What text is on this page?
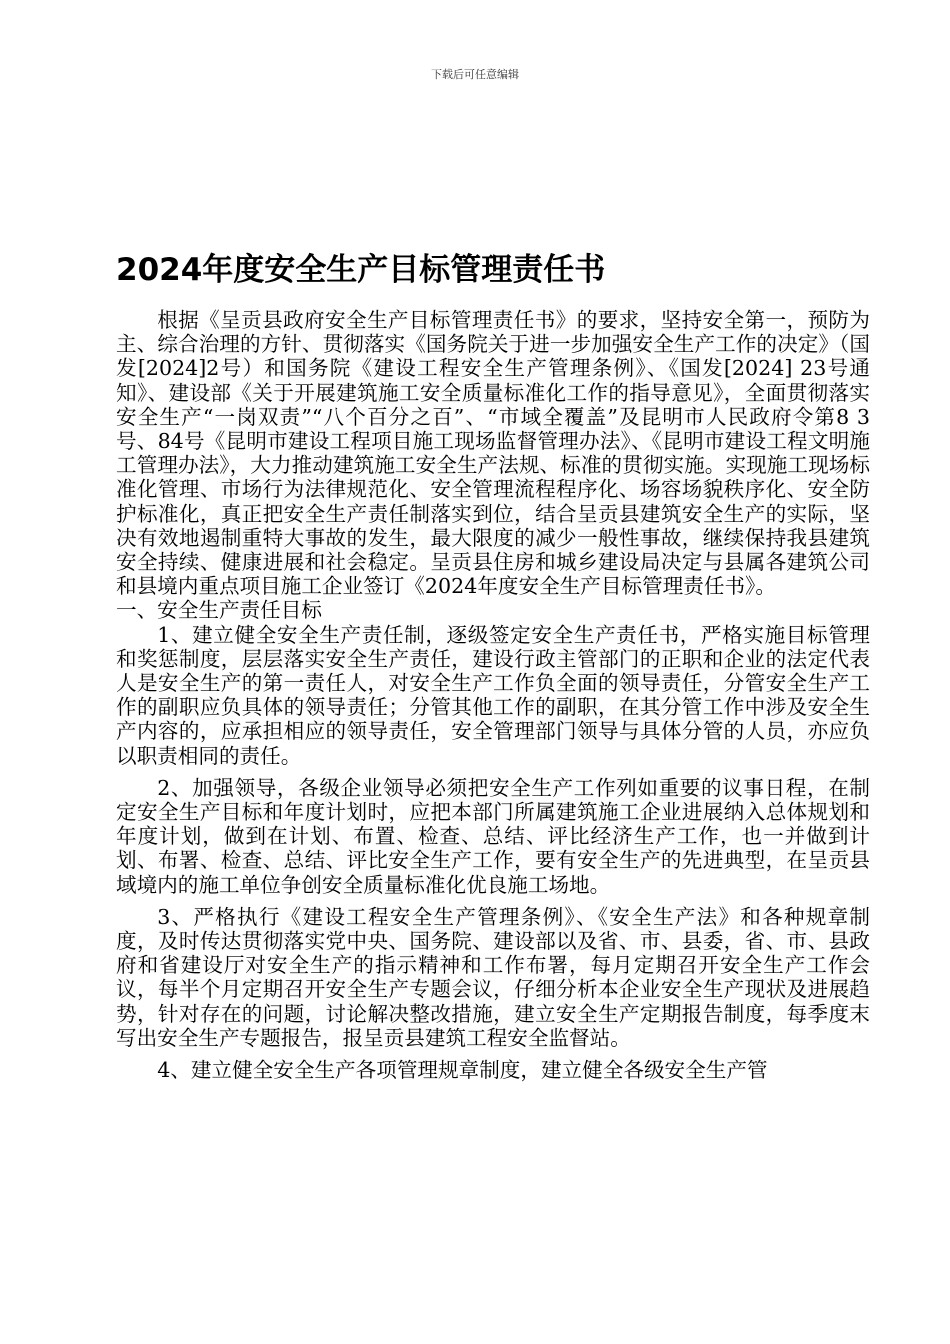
下载后可任意编辑
2024年度安全生产目标管理责任书

根据《呈贡县政府安全生产目标管理责任书》的要求，坚持安全第一，预防为主、综合治理的方针、贯彻落实《国务院关于进一步加强安全生产工作的决定》（国发[2024]2号）和国务院《建设工程安全生产管理条例》、《国发[2024] 23号通知》、建设部《关于开展建筑施工安全质量标准化工作的指导意见》，全面贯彻落实安全生产“一岗双责”“八个百分之百”、“市域全覆盖”及昆明市人民政府令第8 3号、84号《昆明市建设工程项目施工现场监督管理办法》、《昆明市建设工程文明施工管理办法》，大力推动建筑施工安全生产法规、标准的贯彻实施。实现施工现场标准化管理、市场行为法律规范化、安全管理流程程序化、场容场貌秩序化、安全防护标准化，真正把安全生产责任制落实到位，结合呈贡县建筑安全生产的实际，坚决有效地遏制重特大事故的发生，最大限度的减少一般性事故，继续保持我县建筑安全持续、健康进展和社会稳定。呈贡县住房和城乡建设局决定与县属各建筑公司和县境内重点项目施工企业签订《2024年度安全生产目标管理责任书》。

一、安全生产责任目标

1、建立健全安全生产责任制，逐级签定安全生产责任书，严格实施目标管理和奖惩制度，层层落实安全生产责任，建设行政主管部门的正职和企业的法定代表人是安全生产的第一责任人，对安全生产工作负全面的领导责任，分管安全生产工作的副职应负具体的领导责任；分管其他工作的副职，在其分管工作中涉及安全生产内容的，应承担相应的领导责任，安全管理部门领导与具体分管的人员，亦应负以职责相同的责任。

2、加强领导，各级企业领导必须把安全生产工作列如重要的议事日程，在制定安全生产目标和年度计划时，应把本部门所属建筑施工企业进展纳入总体规划和年度计划，做到在计划、布置、检查、总结、评比经济生产工作，也一并做到计划、布署、检查、总结、评比安全生产工作，要有安全生产的先进典型，在呈贡县域境内的施工单位争创安全质量标准化优良施工场地。

3、严格执行《建设工程安全生产管理条例》、《安全生产法》和各种规章制度，及时传达贯彻落实党中央、国务院、建设部以及省、市、县委，省、市、县政府和省建设厅对安全生产的指示精神和工作布署，每月定期召开安全生产工作会议，每半个月定期召开安全生产专题会议，仔细分析本企业安全生产现状及进展趋势，针对存在的问题，讨论解决整改措施，建立安全生产定期报告制度，每季度末写出安全生产专题报告，报呈贡县建筑工程安全监督站。

4、建立健全安全生产各项管理规章制度，建立健全各级安全生产管
